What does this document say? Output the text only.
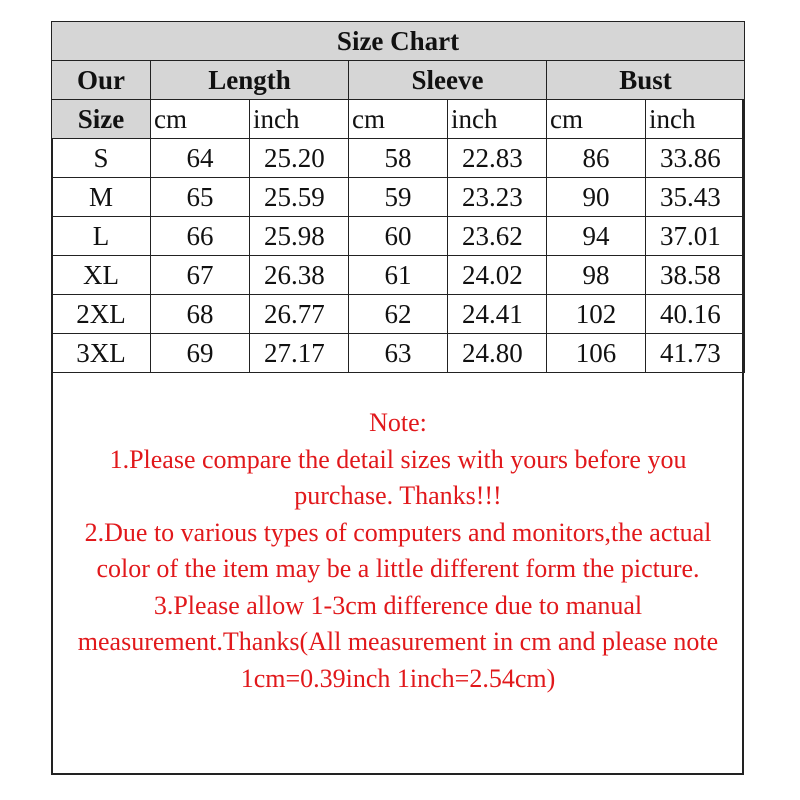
Size Chart						
Our	Length		Sleeve		Bust	
Size	cm	inch	cm	inch	cm	inch
S	64	25.20	58	22.83	86	33.86
M	65	25.59	59	23.23	90	35.43
L	66	25.98	60	23.62	94	37.01
XL	67	26.38	61	24.02	98	38.58
2XL	68	26.77	62	24.41	102	40.16
3XL	69	27.17	63	24.80	106	41.73

Note:

1.Please compare the detail sizes with yours before you purchase. Thanks!!!

2.Due to various types of computers and monitors,the actual color of the item may be a little different form the picture.

3.Please allow 1-3cm difference due to manual measurement.Thanks(All measurement in cm and please note 1cm=0.39inch 1inch=2.54cm)
